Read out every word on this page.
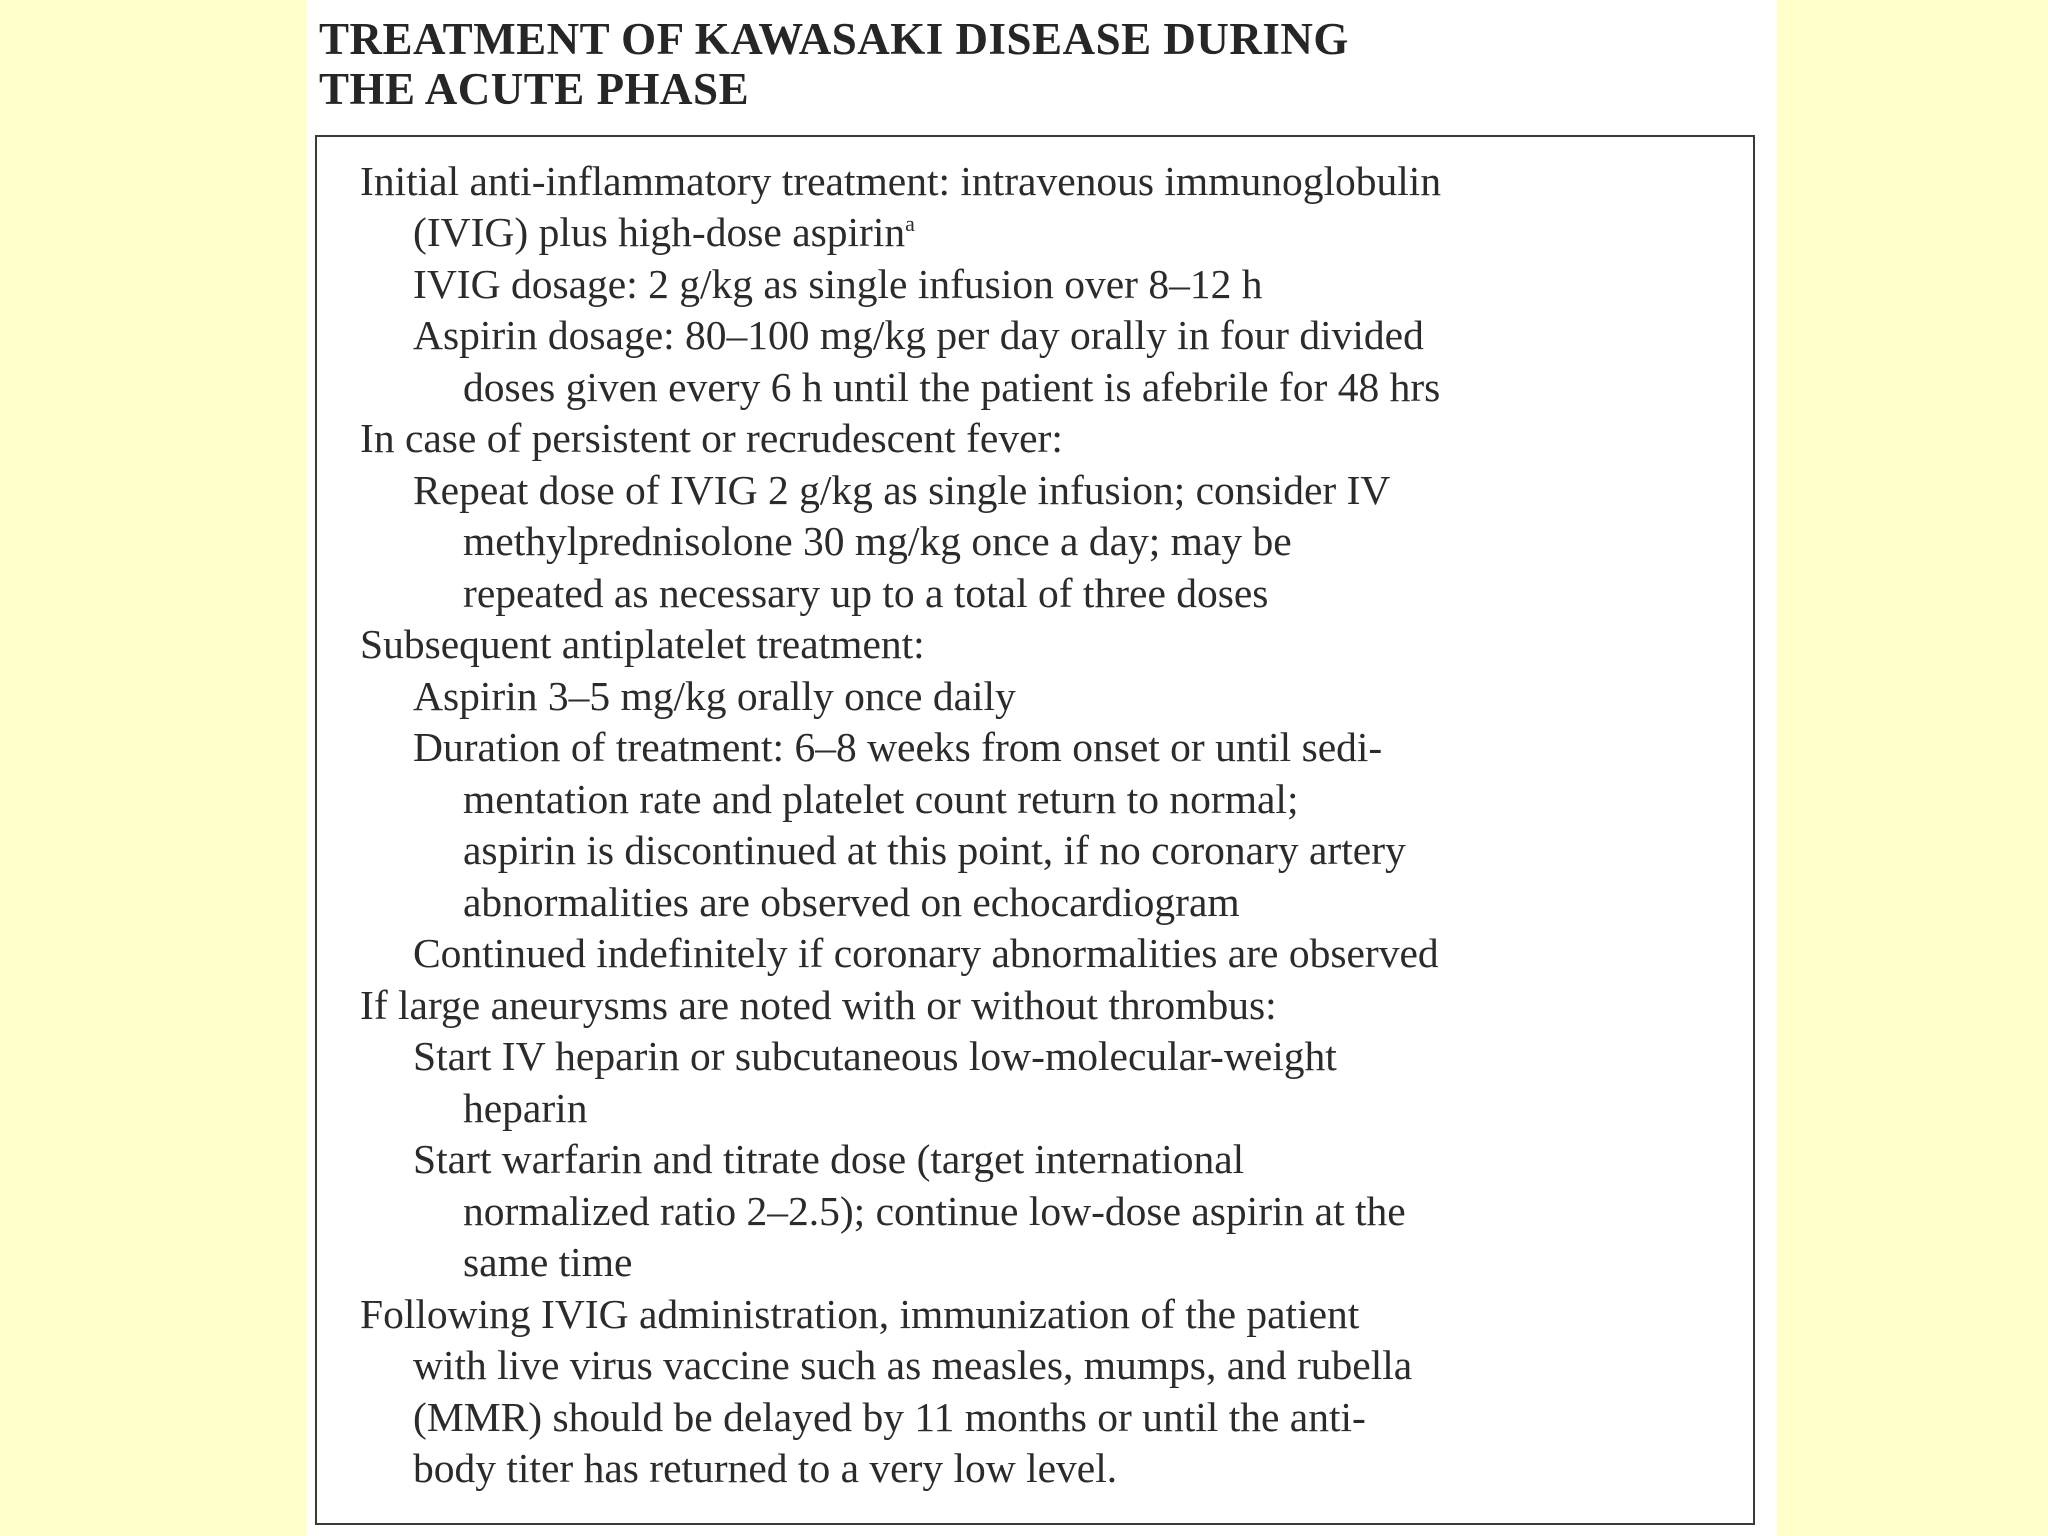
TREATMENT OF KAWASAKI DISEASE DURING
THE ACUTE PHASE
Initial anti-inflammatory treatment: intravenous immunoglobulin
(IVIG) plus high-dose aspirin$^a$
IVIG dosage: 2 g/kg as single infusion over 8–12 h
Aspirin dosage: 80–100 mg/kg per day orally in four divided
doses given every 6 h until the patient is afebrile for 48 hrs
In case of persistent or recrudescent fever:
Repeat dose of IVIG 2 g/kg as single infusion; consider IV
methylprednisolone 30 mg/kg once a day; may be
repeated as necessary up to a total of three doses
Subsequent antiplatelet treatment:
Aspirin 3–5 mg/kg orally once daily
Duration of treatment: 6–8 weeks from onset or until sedi-
mentation rate and platelet count return to normal;
aspirin is discontinued at this point, if no coronary artery
abnormalities are observed on echocardiogram
Continued indefinitely if coronary abnormalities are observed
If large aneurysms are noted with or without thrombus:
Start IV heparin or subcutaneous low-molecular-weight
heparin
Start warfarin and titrate dose (target international
normalized ratio 2–2.5); continue low-dose aspirin at the
same time
Following IVIG administration, immunization of the patient
with live virus vaccine such as measles, mumps, and rubella
(MMR) should be delayed by 11 months or until the anti-
body titer has returned to a very low level.
